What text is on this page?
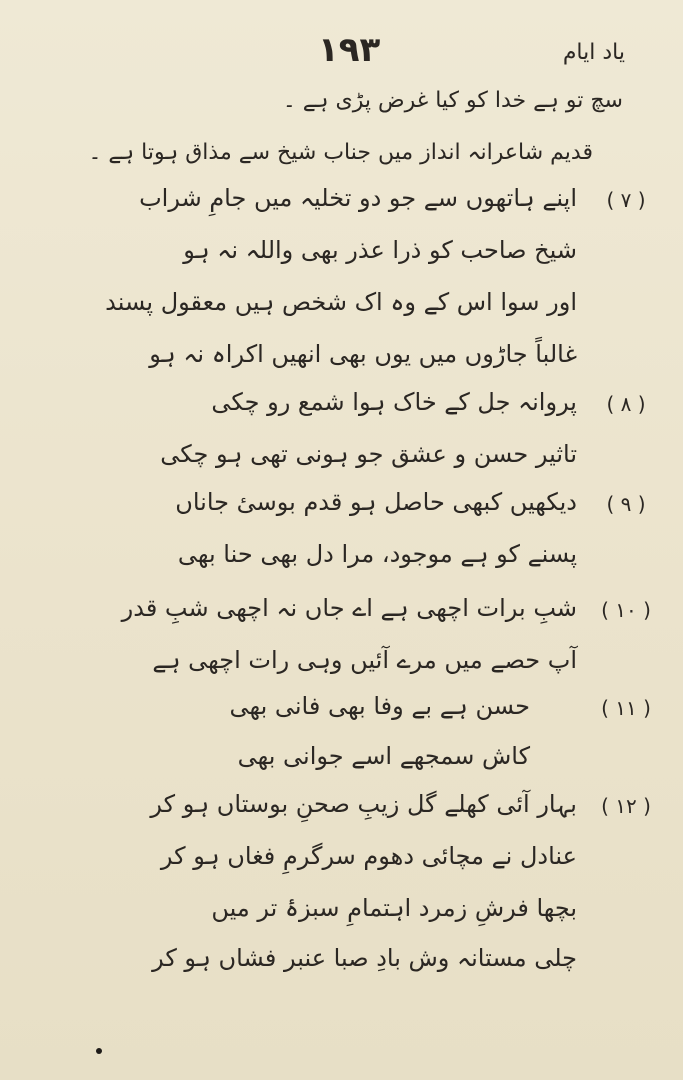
یاد ایام
۱۹۳
سچ تو ہے خدا کو کیا غرض پڑی ہے ۔
قدیم شاعرانہ انداز میں جناب شیخ سے مذاق ہوتا ہے ۔
( ۷ )
اپنے ہاتھوں سے جو دو تخلیہ میں جامِ شراب
شیخ صاحب کو ذرا عذر بھی واللہ نہ ہو
اور سوا اس کے وہ اک شخص ہیں معقول پسند
غالباً جاڑوں میں یوں بھی انھیں اکراہ نہ ہو
( ۸ )
پروانہ جل کے خاک ہوا شمع رو چکی
تاثیر حسن و عشق جو ہونی تھی ہو چکی
( ۹ )
دیکھیں کبھی حاصل ہو قدم بوسیٔ جاناں
پسنے کو ہے موجود، مرا دل بھی حنا بھی
( ۱۰ )
شبِ برات اچھی ہے اے جاں نہ اچھی شبِ قدر
آپ حصے میں مرے آئیں وہی رات اچھی ہے
( ۱۱ )
حسن ہے بے وفا بھی فانی بھی
کاش سمجھے اسے جوانی بھی
( ۱۲ )
بہار آئی کھلے گل زیبِ صحنِ بوستاں ہو کر
عنادل نے مچائی دھوم سرگرمِ فغاں ہو کر
بچھا فرشِ زمرد اہتمامِ سبزۂ تر میں
چلی مستانہ وش بادِ صبا عنبر فشاں ہو کر
